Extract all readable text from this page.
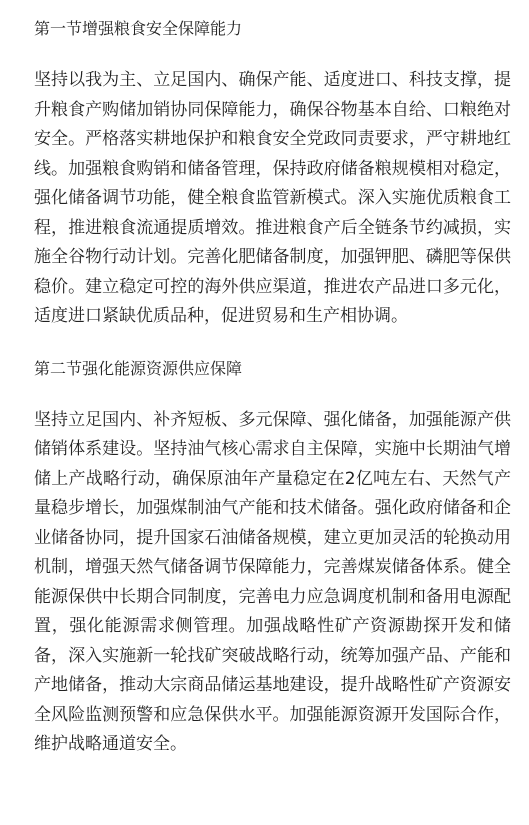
第一节增强粮食安全保障能力

坚持以我为主、立足国内、确保产能、适度进口、科技支撑，提升粮食产购储加销协同保障能力，确保谷物基本自给、口粮绝对安全。严格落实耕地保护和粮食安全党政同责要求，严守耕地红线。加强粮食购销和储备管理，保持政府储备粮规模相对稳定，强化储备调节功能，健全粮食监管新模式。深入实施优质粮食工程，推进粮食流通提质增效。推进粮食产后全链条节约减损，实施全谷物行动计划。完善化肥储备制度，加强钾肥、磷肥等保供稳价。建立稳定可控的海外供应渠道，推进农产品进口多元化，适度进口紧缺优质品种，促进贸易和生产相协调。

第二节强化能源资源供应保障

坚持立足国内、补齐短板、多元保障、强化储备，加强能源产供储销体系建设。坚持油气核心需求自主保障，实施中长期油气增储上产战略行动，确保原油年产量稳定在2亿吨左右、天然气产量稳步增长，加强煤制油气产能和技术储备。强化政府储备和企业储备协同，提升国家石油储备规模，建立更加灵活的轮换动用机制，增强天然气储备调节保障能力，完善煤炭储备体系。健全能源保供中长期合同制度，完善电力应急调度机制和备用电源配置，强化能源需求侧管理。加强战略性矿产资源勘探开发和储备，深入实施新一轮找矿突破战略行动，统筹加强产品、产能和产地储备，推动大宗商品储运基地建设，提升战略性矿产资源安全风险监测预警和应急保供水平。加强能源资源开发国际合作，维护战略通道安全。
